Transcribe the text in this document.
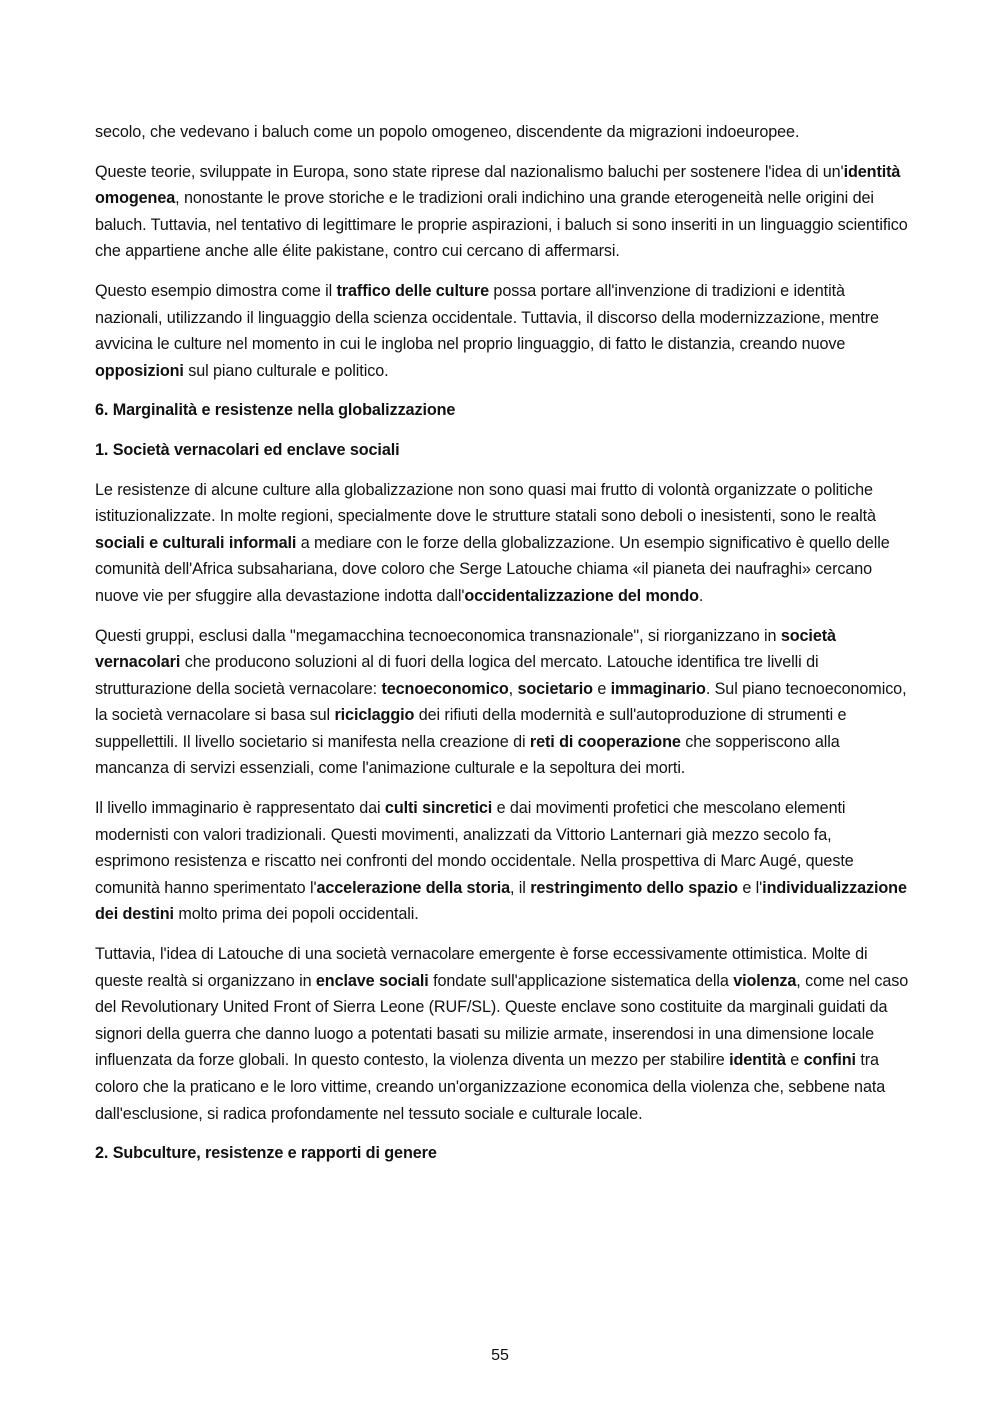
secolo, che vedevano i baluch come un popolo omogeneo, discendente da migrazioni indoeuropee.

Queste teorie, sviluppate in Europa, sono state riprese dal nazionalismo baluchi per sostenere l'idea di un'identità omogenea, nonostante le prove storiche e le tradizioni orali indichino una grande eterogeneità nelle origini dei baluch. Tuttavia, nel tentativo di legittimare le proprie aspirazioni, i baluch si sono inseriti in un linguaggio scientifico che appartiene anche alle élite pakistane, contro cui cercano di affermarsi.

Questo esempio dimostra come il traffico delle culture possa portare all'invenzione di tradizioni e identità nazionali, utilizzando il linguaggio della scienza occidentale. Tuttavia, il discorso della modernizzazione, mentre avvicina le culture nel momento in cui le ingloba nel proprio linguaggio, di fatto le distanzia, creando nuove opposizioni sul piano culturale e politico.

6. Marginalità e resistenze nella globalizzazione

1. Società vernacolari ed enclave sociali

Le resistenze di alcune culture alla globalizzazione non sono quasi mai frutto di volontà organizzate o politiche istituzionalizzate. In molte regioni, specialmente dove le strutture statali sono deboli o inesistenti, sono le realtà sociali e culturali informali a mediare con le forze della globalizzazione. Un esempio significativo è quello delle comunità dell'Africa subsahariana, dove coloro che Serge Latouche chiama «il pianeta dei naufraghi» cercano nuove vie per sfuggire alla devastazione indotta dall'occidentalizzazione del mondo.

Questi gruppi, esclusi dalla "megamacchina tecnoeconomica transnazionale", si riorganizzano in società vernacolari che producono soluzioni al di fuori della logica del mercato. Latouche identifica tre livelli di strutturazione della società vernacolare: tecnoeconomico, societario e immaginario. Sul piano tecnoeconomico, la società vernacolare si basa sul riciclaggio dei rifiuti della modernità e sull'autoproduzione di strumenti e suppellettili. Il livello societario si manifesta nella creazione di reti di cooperazione che sopperiscono alla mancanza di servizi essenziali, come l'animazione culturale e la sepoltura dei morti.

Il livello immaginario è rappresentato dai culti sincretici e dai movimenti profetici che mescolano elementi modernisti con valori tradizionali. Questi movimenti, analizzati da Vittorio Lanternari già mezzo secolo fa, esprimono resistenza e riscatto nei confronti del mondo occidentale. Nella prospettiva di Marc Augé, queste comunità hanno sperimentato l'accelerazione della storia, il restringimento dello spazio e l'individualizzazione dei destini molto prima dei popoli occidentali.

Tuttavia, l'idea di Latouche di una società vernacolare emergente è forse eccessivamente ottimistica. Molte di queste realtà si organizzano in enclave sociali fondate sull'applicazione sistematica della violenza, come nel caso del Revolutionary United Front of Sierra Leone (RUF/SL). Queste enclave sono costituite da marginali guidati da signori della guerra che danno luogo a potentati basati su milizie armate, inserendosi in una dimensione locale influenzata da forze globali. In questo contesto, la violenza diventa un mezzo per stabilire identità e confini tra coloro che la praticano e le loro vittime, creando un'organizzazione economica della violenza che, sebbene nata dall'esclusione, si radica profondamente nel tessuto sociale e culturale locale.

2. Subculture, resistenze e rapporti di genere

55
